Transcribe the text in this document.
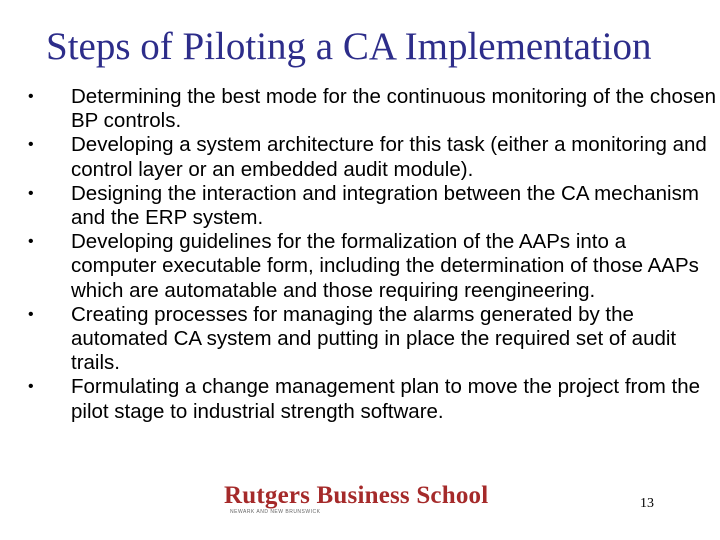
Steps of Piloting a CA Implementation
• Determining the best mode for the continuous monitoring of the chosen BP controls.
• Developing a system architecture for this task (either a monitoring and control layer or an embedded audit module).
• Designing the interaction and integration between the CA mechanism and the ERP system.
• Developing guidelines for the formalization of the AAPs into a computer executable form, including the determination of those AAPs which are automatable and those requiring reengineering.
• Creating processes for managing the alarms generated by the automated CA system and putting in place the required set of audit trails.
• Formulating a change management plan to move the project from the pilot stage to industrial strength software.
Rutgers Business School
NEWARK AND NEW BRUNSWICK
13
